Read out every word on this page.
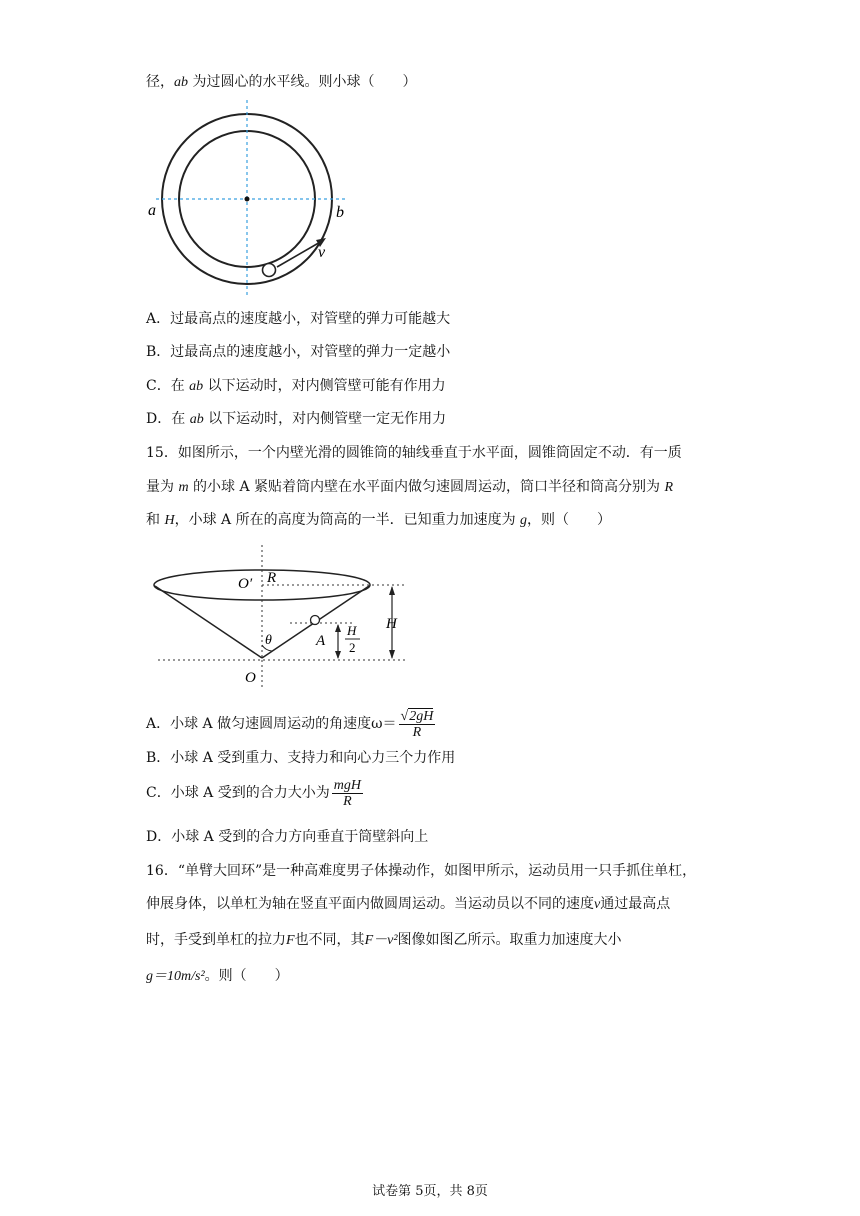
径，ab 为过圆心的水平线。则小球（　　）
a	b
v
A．过最高点的速度越小，对管壁的弹力可能越大
B．过最高点的速度越小，对管壁的弹力一定越小
C．在 ab 以下运动时，对内侧管壁可能有作用力
D．在 ab 以下运动时，对内侧管壁一定无作用力
15．如图所示，一个内壁光滑的圆锥筒的轴线垂直于水平面，圆锥筒固定不动．有一质
量为 m 的小球 A 紧贴着筒内壁在水平面内做匀速圆周运动，筒口半径和筒高分别为 R
和 H，小球 A 所在的高度为筒高的一半．已知重力加速度为 g，则（　　）
O′ R
H
θ	A
H
2
O
A．小球 A 做匀速圆周运动的角速度$\omega= \frac{√2gH}{R}$
B．小球 A 受到重力、支持力和向心力三个力作用
C．小球 A 受到的合力大小为 $\frac{\text{mgH}}{R}$
D．小球 A 受到的合力方向垂直于筒壁斜向上
16．“单臂大回环”是一种高难度男子体操动作，如图甲所示，运动员用一只手抓住单杠，
伸展身体，以单杠为轴在竖直平面内做圆周运动。当运动员以不同的速度v通过最高点
时，手受到单杠的拉力F也不同，其F－v²图像如图乙所示。取重力加速度大小
g＝10m/s²。则（　　）
试卷第 5页，共 8页
